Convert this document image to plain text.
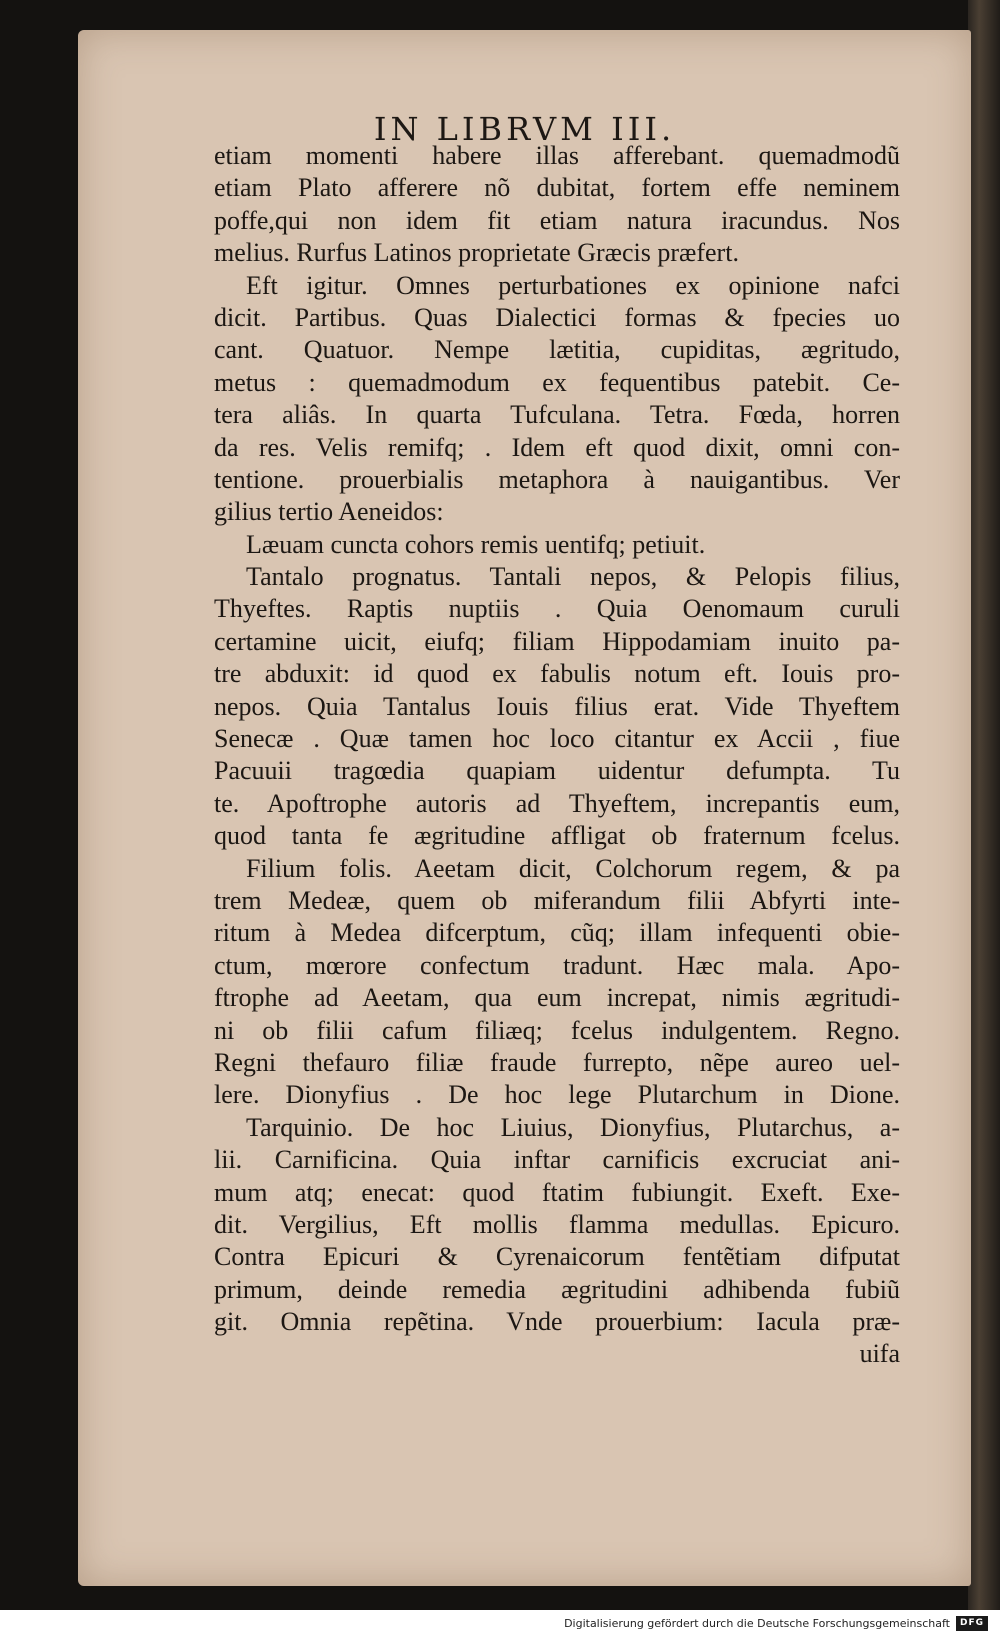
IN LIBRVM III.
etiam momenti habere illas afferebant. quemadmodũ
etiam Plato afferere nõ dubitat, fortem effe neminem
poffe,qui non idem fit etiam natura iracundus. Nos
melius. Rurfus Latinos proprietate Græcis præfert.
Eft igitur. Omnes perturbationes ex opinione nafci
dicit. Partibus. Quas Dialectici formas & fpecies uo
cant. Quatuor. Nempe lætitia, cupiditas, ægritudo,
metus : quemadmodum ex fequentibus patebit. Ce-
tera aliâs. In quarta Tufculana. Tetra. Fœda, horren
da res. Velis remifq; . Idem eft quod dixit, omni con-
tentione. prouerbialis metaphora à nauigantibus. Ver
gilius tertio Aeneidos:
Læuam cuncta cohors remis uentifq; petiuit.
Tantalo prognatus. Tantali nepos, & Pelopis filius,
Thyeftes. Raptis nuptiis . Quia Oenomaum curuli
certamine uicit, eiufq; filiam Hippodamiam inuito pa-
tre abduxit: id quod ex fabulis notum eft. Iouis pro-
nepos. Quia Tantalus Iouis filius erat. Vide Thyeftem
Senecæ . Quæ tamen hoc loco citantur ex Accii , fiue
Pacuuii tragœdia quapiam uidentur defumpta. Tu
te. Apoftrophe autoris ad Thyeftem, increpantis eum,
quod tanta fe ægritudine affligat ob fraternum fcelus.
Filium folis. Aeetam dicit, Colchorum regem, & pa
trem Medeæ, quem ob miferandum filii Abfyrti inte-
ritum à Medea difcerptum, cũq; illam infequenti obie-
ctum, mœrore confectum tradunt. Hæc mala. Apo-
ftrophe ad Aeetam, qua eum increpat, nimis ægritudi-
ni ob filii cafum filiæq; fcelus indulgentem. Regno.
Regni thefauro filiæ fraude furrepto, nẽpe aureo uel-
lere. Dionyfius . De hoc lege Plutarchum in Dione.
Tarquinio. De hoc Liuius, Dionyfius, Plutarchus, a-
lii. Carnificina. Quia inftar carnificis excruciat ani-
mum atq; enecat: quod ftatim fubiungit. Exeft. Exe-
dit. Vergilius, Eft mollis flamma medullas. Epicuro.
Contra Epicuri & Cyrenaicorum fentẽtiam difputat
primum, deinde remedia ægritudini adhibenda fubiũ
git. Omnia repẽtina. Vnde prouerbium: Iacula præ-
uifa
Digitalisierung gefördert durch die Deutsche Forschungsgemeinschaft	DFG
